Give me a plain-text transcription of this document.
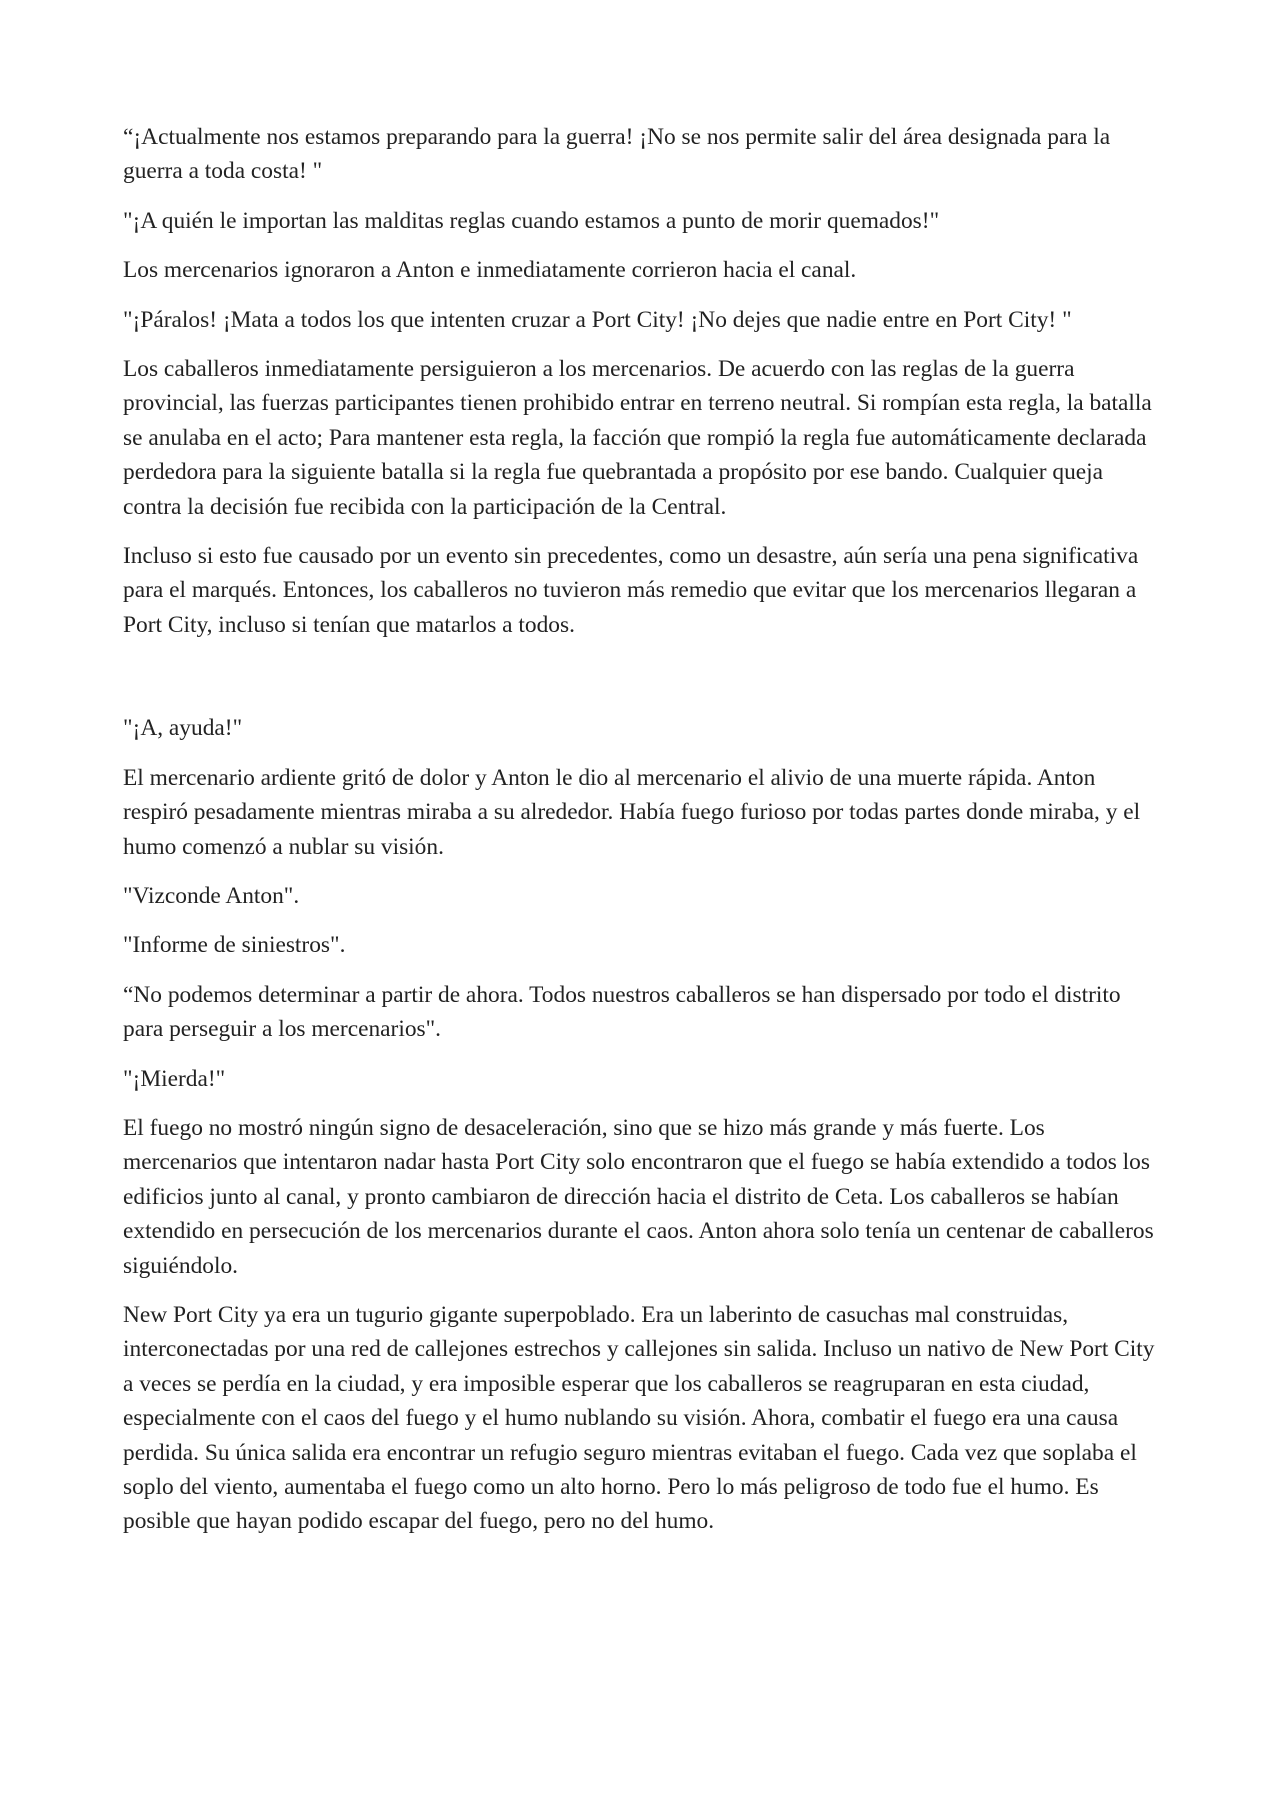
“¡Actualmente nos estamos preparando para la guerra! ¡No se nos permite salir del área designada para la guerra a toda costa! "

"¡A quién le importan las malditas reglas cuando estamos a punto de morir quemados!"

Los mercenarios ignoraron a Anton e inmediatamente corrieron hacia el canal.

"¡Páralos! ¡Mata a todos los que intenten cruzar a Port City! ¡No dejes que nadie entre en Port City! "

Los caballeros inmediatamente persiguieron a los mercenarios. De acuerdo con las reglas de la guerra provincial, las fuerzas participantes tienen prohibido entrar en terreno neutral. Si rompían esta regla, la batalla se anulaba en el acto; Para mantener esta regla, la facción que rompió la regla fue automáticamente declarada perdedora para la siguiente batalla si la regla fue quebrantada a propósito por ese bando. Cualquier queja contra la decisión fue recibida con la participación de la Central.

Incluso si esto fue causado por un evento sin precedentes, como un desastre, aún sería una pena significativa para el marqués. Entonces, los caballeros no tuvieron más remedio que evitar que los mercenarios llegaran a Port City, incluso si tenían que matarlos a todos.

"¡A, ayuda!"

El mercenario ardiente gritó de dolor y Anton le dio al mercenario el alivio de una muerte rápida. Anton respiró pesadamente mientras miraba a su alrededor. Había fuego furioso por todas partes donde miraba, y el humo comenzó a nublar su visión.

"Vizconde Anton".

"Informe de siniestros".

“No podemos determinar a partir de ahora. Todos nuestros caballeros se han dispersado por todo el distrito para perseguir a los mercenarios".

"¡Mierda!"

El fuego no mostró ningún signo de desaceleración, sino que se hizo más grande y más fuerte. Los mercenarios que intentaron nadar hasta Port City solo encontraron que el fuego se había extendido a todos los edificios junto al canal, y pronto cambiaron de dirección hacia el distrito de Ceta. Los caballeros se habían extendido en persecución de los mercenarios durante el caos. Anton ahora solo tenía un centenar de caballeros siguiéndolo.

New Port City ya era un tugurio gigante superpoblado. Era un laberinto de casuchas mal construidas, interconectadas por una red de callejones estrechos y callejones sin salida. Incluso un nativo de New Port City a veces se perdía en la ciudad, y era imposible esperar que los caballeros se reagruparan en esta ciudad, especialmente con el caos del fuego y el humo nublando su visión. Ahora, combatir el fuego era una causa perdida. Su única salida era encontrar un refugio seguro mientras evitaban el fuego. Cada vez que soplaba el soplo del viento, aumentaba el fuego como un alto horno. Pero lo más peligroso de todo fue el humo. Es posible que hayan podido escapar del fuego, pero no del humo.
